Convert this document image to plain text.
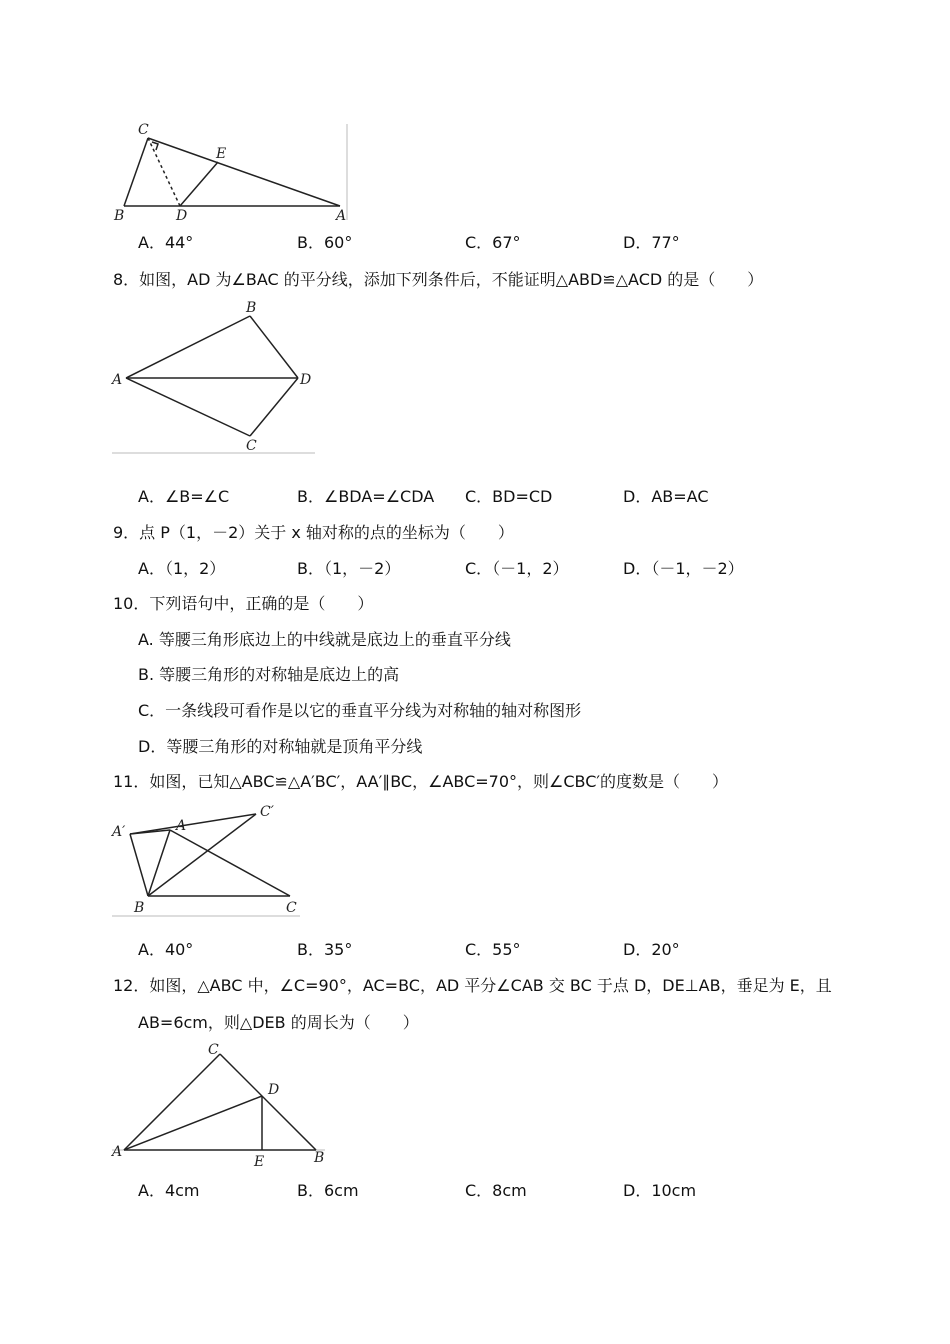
C
E
B	D	A
A．44°	B．60°	C．67°	D．77°
8．如图，AD 为∠BAC 的平分线，添加下列条件后，不能证明△ABD≌△ACD 的是（　　）
B
A	D
C
A．∠B=∠C	B．∠BDA=∠CDA C．BD=CD	D．AB=AC
9．点 P（1，－2）关于 x 轴对称的点的坐标为（　　）
A．（1，2）	B．（1，－2）	C．（－1，2）	D．（－1，－2）
10．下列语句中，正确的是（　　）
A. 等腰三角形底边上的中线就是底边上的垂直平分线
B. 等腰三角形的对称轴是底边上的高
C．一条线段可看作是以它的垂直平分线为对称轴的轴对称图形
D．等腰三角形的对称轴就是顶角平分线
11．如图，已知△ABC≌△A′BC′，AA′∥BC，∠ABC=70°，则∠CBC′的度数是（　　）
A′	A
C′
B	C
A．40°	B．35°	C．55°	D．20°
12．如图，△ABC 中，∠C=90°，AC=BC，AD 平分∠CAB 交 BC 于点 D，DE⊥AB，垂足为 E，且
AB=6cm，则△DEB 的周长为（　　）
C
D
A
E	B
A．4cm	B．6cm	C．8cm	D．10cm
